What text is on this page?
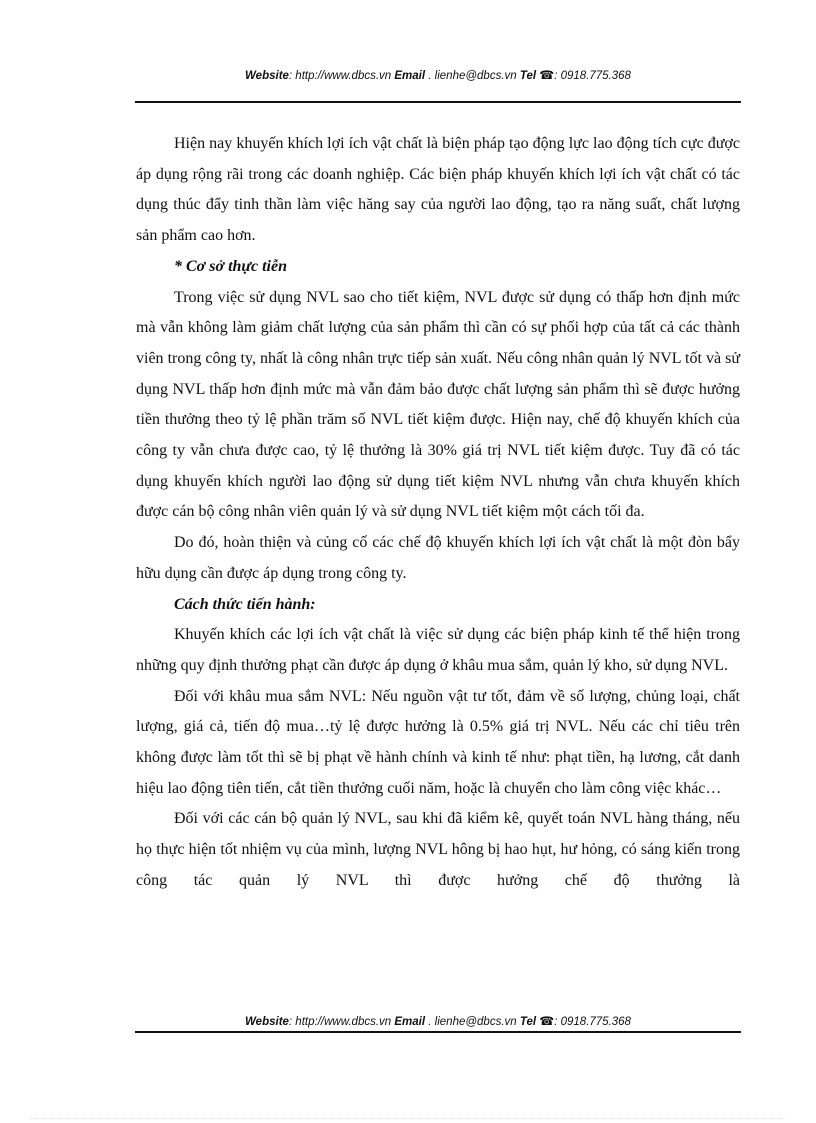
Website: http://www.dbcs.vn Email . lienhe@dbcs.vn Tel ☎: 0918.775.368

Hiện nay khuyến khích lợi ích vật chất là biện pháp tạo động lực lao động tích cực được áp dụng rộng rãi trong các doanh nghiệp. Các biện pháp khuyến khích lợi ích vật chất có tác dụng thúc đẩy tinh thần làm việc hăng say của người lao động, tạo ra năng suất, chất lượng sản phẩm cao hơn.

* Cơ sở thực tiễn

Trong việc sử dụng NVL sao cho tiết kiệm, NVL được sử dụng có thấp hơn định mức mà vẫn không làm giảm chất lượng của sản phẩm thì cần có sự phối hợp của tất cả các thành viên trong công ty, nhất là công nhân trực tiếp sản xuất. Nếu công nhân quản lý NVL tốt và sử dụng NVL thấp hơn định mức mà vẫn đảm bảo được chất lượng sản phẩm thì sẽ được hưởng tiền thưởng theo tỷ lệ phần trăm số NVL tiết kiệm được. Hiện nay, chế độ khuyến khích của công ty vẫn chưa được cao, tỷ lệ thưởng là 30% giá trị NVL tiết kiệm được. Tuy đã có tác dụng khuyến khích người lao động sử dụng tiết kiệm NVL nhưng vẫn chưa khuyến khích được cán bộ công nhân viên quản lý và sử dụng NVL tiết kiệm một cách tối đa.

Do đó, hoàn thiện và củng cố các chế độ khuyến khích lợi ích vật chất là một đòn bẩy hữu dụng cần được áp dụng trong công ty.

Cách thức tiến hành:

Khuyến khích các lợi ích vật chất là việc sử dụng các biện pháp kinh tế thể hiện trong những quy định thưởng phạt cần được áp dụng ở khâu mua sắm, quản lý kho, sử dụng NVL.

Đối với khâu mua sắm NVL: Nếu nguồn vật tư tốt, đảm về số lượng, chủng loại, chất lượng, giá cả, tiến độ mua…tỷ lệ được hưởng là 0.5% giá trị NVL. Nếu các chỉ tiêu trên không được làm tốt thì sẽ bị phạt về hành chính và kinh tế như: phạt tiền, hạ lương, cắt danh hiệu lao động tiên tiến, cắt tiền thưởng cuối năm, hoặc là chuyển cho làm công việc khác…

Đối với các cán bộ quản lý NVL, sau khi đã kiểm kê, quyết toán NVL hàng tháng, nếu họ thực hiện tốt nhiệm vụ của mình, lượng NVL hông bị hao hụt, hư hỏng, có sáng kiến trong công tác quản lý NVL thì được hưởng chế độ thưởng là

Website: http://www.dbcs.vn Email . lienhe@dbcs.vn Tel ☎: 0918.775.368
